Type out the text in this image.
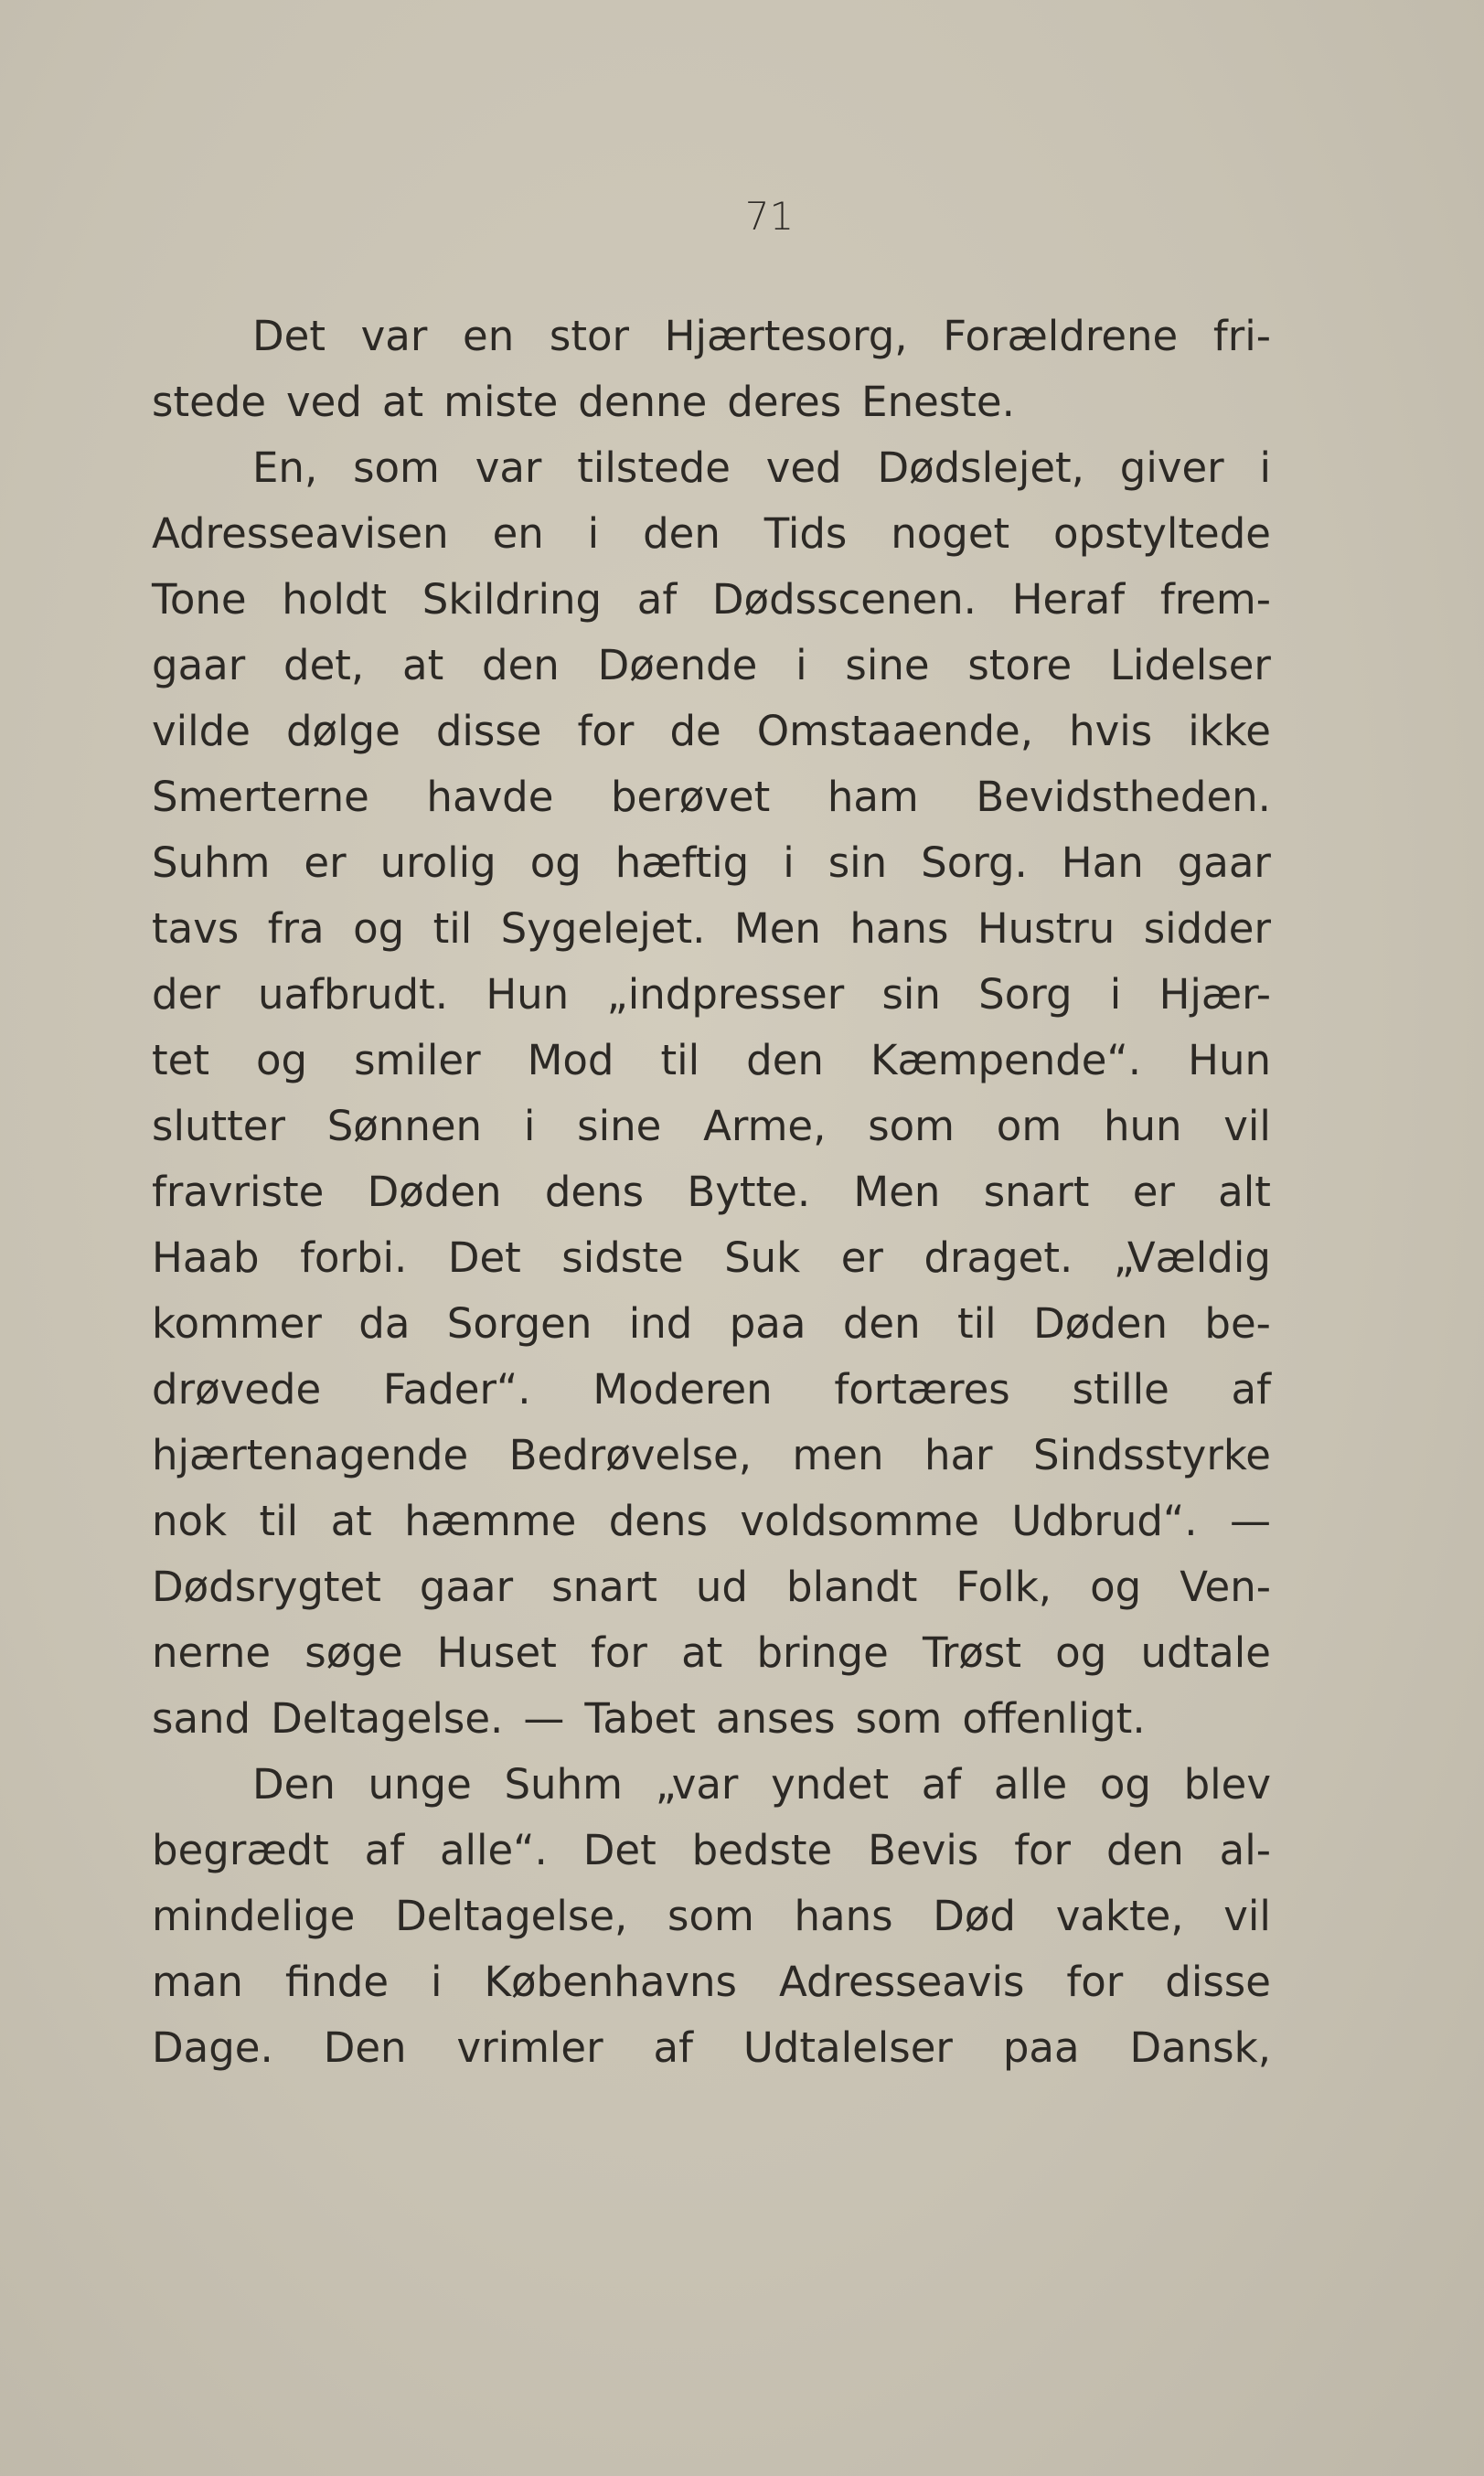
71
Det var en stor Hjærtesorg, Forældrene fri-
stede ved at miste denne deres Eneste.
En, som var tilstede ved Dødslejet, giver i
Adresseavisen en i den Tids noget opstyltede
Tone holdt Skildring af Dødsscenen. Heraf frem-
gaar det, at den Døende i sine store Lidelser
vilde dølge disse for de Omstaaende, hvis ikke
Smerterne havde berøvet ham Bevidstheden.
Suhm er urolig og hæftig i sin Sorg. Han gaar
tavs fra og til Sygelejet. Men hans Hustru sidder
der uafbrudt. Hun „indpresser sin Sorg i Hjær-
tet og smiler Mod til den Kæmpende“. Hun
slutter Sønnen i sine Arme, som om hun vil
fravriste Døden dens Bytte. Men snart er alt
Haab forbi. Det sidste Suk er draget. „Vældig
kommer da Sorgen ind paa den til Døden be-
drøvede Fader“. Moderen fortæres stille af
hjærtenagende Bedrøvelse, men har Sindsstyrke
nok til at hæmme dens voldsomme Udbrud“. —
Dødsrygtet gaar snart ud blandt Folk, og Ven-
nerne søge Huset for at bringe Trøst og udtale
sand Deltagelse. — Tabet anses som offenligt.
Den unge Suhm „var yndet af alle og blev
begrædt af alle“. Det bedste Bevis for den al-
mindelige Deltagelse, som hans Død vakte, vil
man finde i Københavns Adresseavis for disse
Dage. Den vrimler af Udtalelser paa Dansk,
